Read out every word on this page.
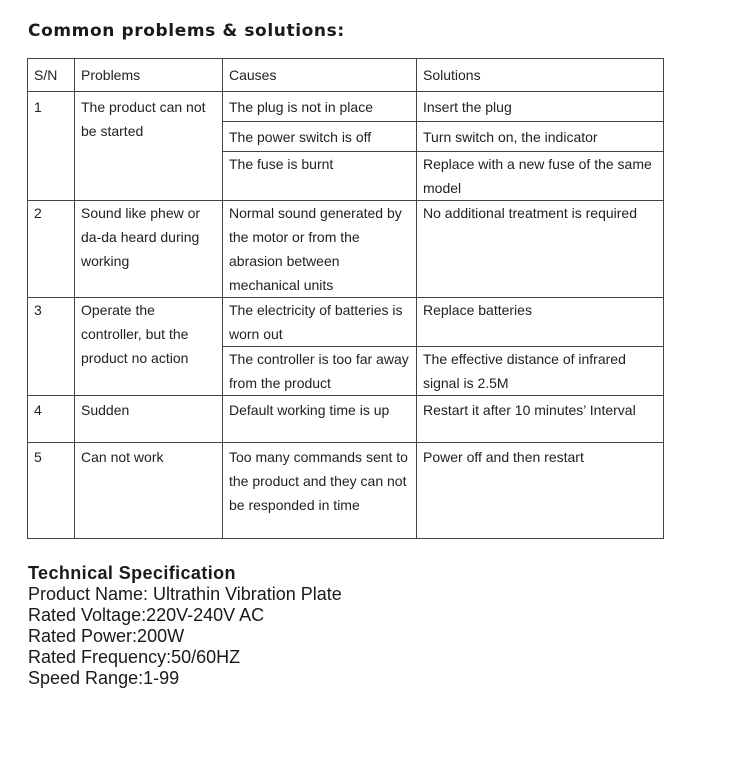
Common problems & solutions:
S/N	Problems	Causes	Solutions
1	The product can not be started	The plug is not in place	Insert the plug
		The power switch is off	Turn switch on, the indicator
		The fuse is burnt	Replace with a new fuse of the same model
2	Sound like phew or da-da heard during working	Normal sound generated by the motor or from the abrasion between mechanical units	No additional treatment is required
3	Operate the controller, but the product no action	The electricity of batteries is worn out	Replace batteries
		The controller is too far away from the product	The effective distance of infrared signal is 2.5M
4	Sudden	Default working time is up	Restart it after 10 minutes’ Interval
5	Can not work	Too many commands sent to the product and they can not be responded in time	Power off and then restart
Technical Specification
Product Name: Ultrathin Vibration Plate
Rated Voltage:220V-240V AC
Rated Power:200W
Rated Frequency:50/60HZ
Speed Range:1-99
